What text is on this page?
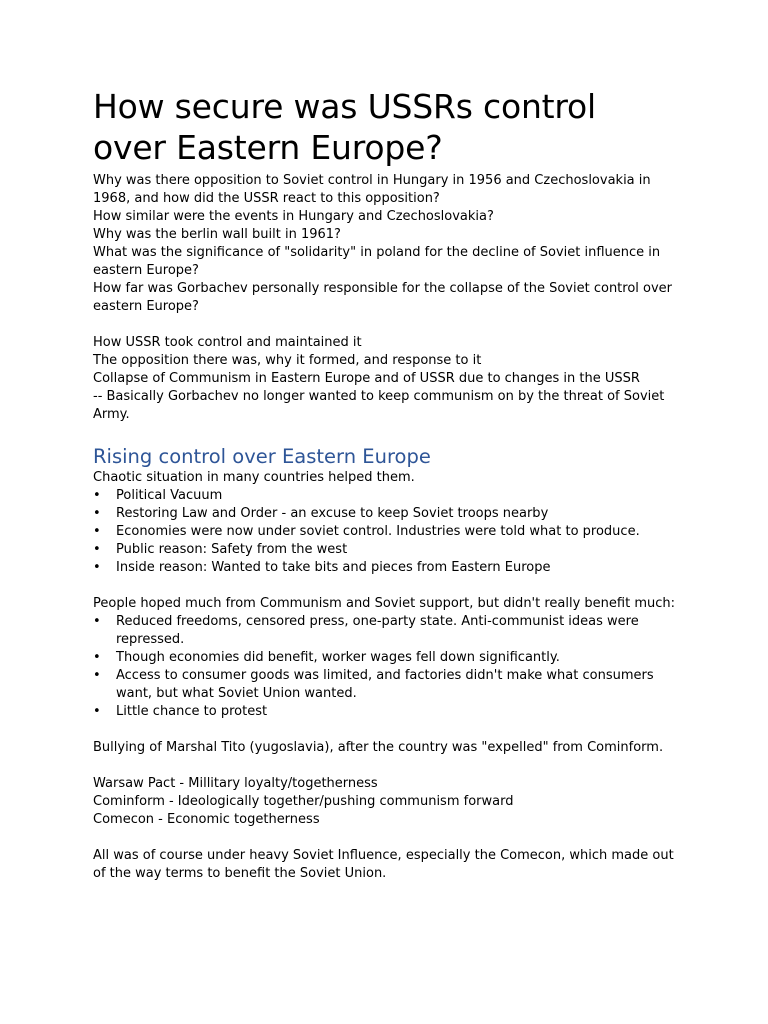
How secure was USSRs control
over Eastern Europe?

Why was there opposition to Soviet control in Hungary in 1956 and Czechoslovakia in 1968, and how did the USSR react to this opposition?

How similar were the events in Hungary and Czechoslovakia?

Why was the berlin wall built in 1961?

What was the significance of "solidarity" in poland for the decline of Soviet influence in eastern Europe?

How far was Gorbachev personally responsible for the collapse of the Soviet control over eastern Europe?

How USSR took control and maintained it

The opposition there was, why it formed, and response to it

Collapse of Communism in Eastern Europe and of USSR due to changes in the USSR

-- Basically Gorbachev no longer wanted to keep communism on by the threat of Soviet Army.

Rising control over Eastern Europe

Chaotic situation in many countries helped them.

•	Political Vacuum
•	Restoring Law and Order - an excuse to keep Soviet troops nearby
•	Economies were now under soviet control. Industries were told what to produce.
•	Public reason: Safety from the west
•	Inside reason: Wanted to take bits and pieces from Eastern Europe

People hoped much from Communism and Soviet support, but didn't really benefit much:

•	Reduced freedoms, censored press, one-party state. Anti-communist ideas were repressed.
•	Though economies did benefit, worker wages fell down significantly.
•	Access to consumer goods was limited, and factories didn't make what consumers want, but what Soviet Union wanted.
•	Little chance to protest

Bullying of Marshal Tito (yugoslavia), after the country was "expelled" from Cominform.

Warsaw Pact - Millitary loyalty/togetherness

Cominform - Ideologically together/pushing communism forward

Comecon - Economic togetherness

All was of course under heavy Soviet Influence, especially the Comecon, which made out of the way terms to benefit the Soviet Union.
